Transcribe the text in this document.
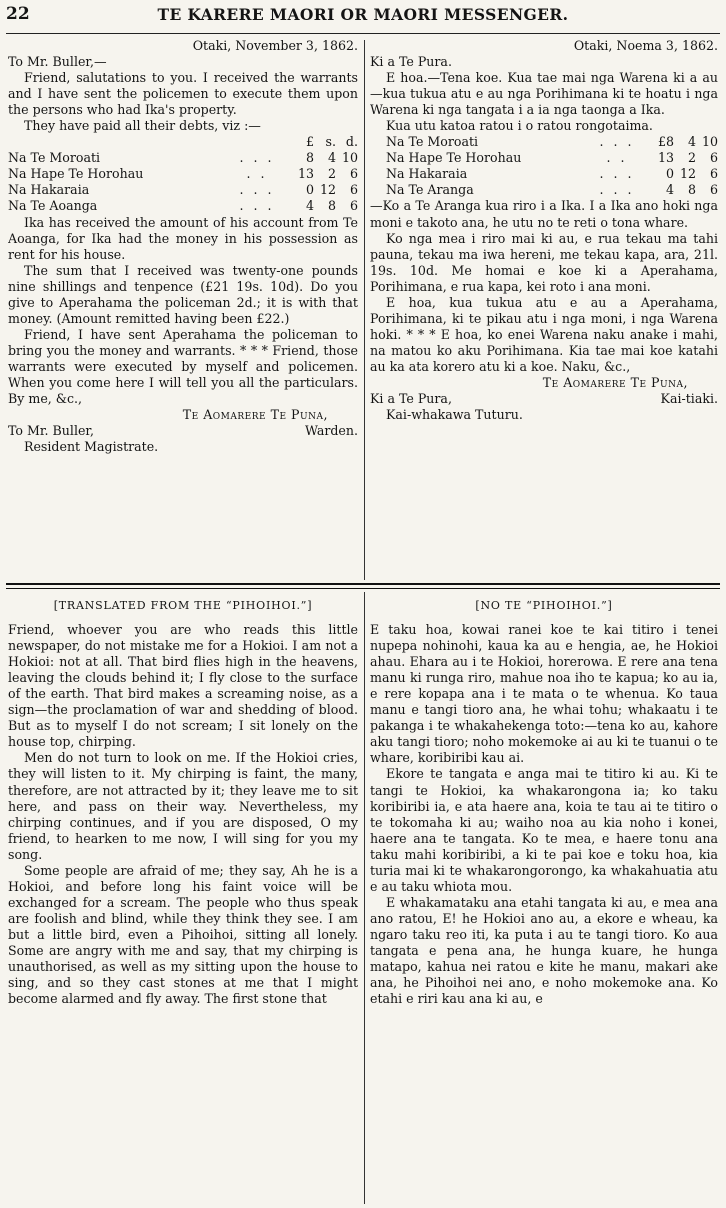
22	TE KARERE MAORI OR MAORI MESSENGER.

Otaki, November 3, 1862.

To Mr. Buller,—

Friend, salutations to you. I received the warrants and I have sent the policemen to execute them upon the persons who had Ika's property.

They have paid all their debts, viz :—

		£	s.	d.
Na Te Moroati	. . .	8	4	10
Na Hape Te Horohau	. .	13	2	6
Na Hakaraia	. . .	0	12	6
Na Te Aoanga	. . .	4	8	6

Ika has received the amount of his account from Te Aoanga, for Ika had the money in his possession as rent for his house.

The sum that I received was twenty-one pounds nine shillings and tenpence (£21 19s. 10d). Do you give to Aperahama the policeman 2d.; it is with that money. (Amount remitted having been £22.)

Friend, I have sent Aperahama the policeman to bring you the money and warrants. * * * Friend, those warrants were executed by myself and policemen. When you come here I will tell you all the particulars. By me, &c.,

Te Aomarere Te Puna,

To Mr. Buller,	Warden.

Resident Magistrate.

Otaki, Noema 3, 1862.

Ki a Te Pura.

E hoa.—Tena koe. Kua tae mai nga Warena ki a au—kua tukua atu e au nga Porihimana ki te hoatu i nga Warena ki nga tangata i a ia nga taonga a Ika.

Kua utu katoa ratou i o ratou rongotaima.

Na Te Moroati	. . .	£8	4	10
Na Hape Te Horohau	. .	13	2	6
Na Hakaraia	. . .	0	12	6
Na Te Aranga	. . .	4	8	6

—Ko a Te Aranga kua riro i a Ika. I a Ika ano hoki nga moni e takoto ana, he utu no te reti o tona whare.

Ko nga mea i riro mai ki au, e rua tekau ma tahi pauna, tekau ma iwa hereni, me tekau kapa, ara, 21l. 19s. 10d. Me homai e koe ki a Aperahama, Porihimana, e rua kapa, kei roto i ana moni.

E hoa, kua tukua atu e au a Aperahama, Porihimana, ki te pikau atu i nga moni, i nga Warena hoki. * * * E hoa, ko enei Warena naku anake i mahi, na matou ko aku Porihimana. Kia tae mai koe katahi au ka ata korero atu ki a koe. Naku, &c.,

Te Aomarere Te Puna,

Ki a Te Pura,	Kai-tiaki.

Kai-whakawa Tuturu.

[TRANSLATED FROM THE “PIHOIHOI.”]

Friend, whoever you are who reads this little newspaper, do not mistake me for a Hokioi. I am not a Hokioi: not at all. That bird flies high in the heavens, leaving the clouds behind it; I fly close to the surface of the earth. That bird makes a screaming noise, as a sign—the proclamation of war and shedding of blood. But as to myself I do not scream; I sit lonely on the house top, chirping.

Men do not turn to look on me. If the Hokioi cries, they will listen to it. My chirping is faint, the many, therefore, are not attracted by it; they leave me to sit here, and pass on their way. Nevertheless, my chirping continues, and if you are disposed, O my friend, to hearken to me now, I will sing for you my song.

Some people are afraid of me; they say, Ah he is a Hokioi, and before long his faint voice will be exchanged for a scream. The people who thus speak are foolish and blind, while they think they see. I am but a little bird, even a Pihoihoi, sitting all lonely. Some are angry with me and say, that my chirping is unauthorised, as well as my sitting upon the house to sing, and so they cast stones at me that I might become alarmed and fly away. The first stone that

[NO TE “PIHOIHOI.”]

E taku hoa, kowai ranei koe te kai titiro i tenei nupepa nohinohi, kaua ka au e hengia, ae, he Hokioi ahau. Ehara au i te Hokioi, horerowa. E rere ana tena manu ki runga riro, mahue noa iho te kapua; ko au ia, e rere kopapa ana i te mata o te whenua. Ko taua manu e tangi tioro ana, he whai tohu; whakaatu i te pakanga i te whakahekenga toto:—tena ko au, kahore aku tangi tioro; noho mokemoke ai au ki te tuanui o te whare, koribiribi kau ai.

Ekore te tangata e anga mai te titiro ki au. Ki te tangi te Hokioi, ka whakarongona ia; ko taku koribiribi ia, e ata haere ana, koia te tau ai te titiro o te tokomaha ki au; waiho noa au kia noho i konei, haere ana te tangata. Ko te mea, e haere tonu ana taku mahi koribiribi, a ki te pai koe e toku hoa, kia turia mai ki te whakarongorongo, ka whakahuatia atu e au taku whiota mou.

E whakamataku ana etahi tangata ki au, e mea ana ano ratou, E! he Hokioi ano au, a ekore e wheau, ka ngaro taku reo iti, ka puta i au te tangi tioro. Ko aua tangata e pena ana, he hunga kuare, he hunga matapo, kahua nei ratou e kite he manu, makari ake ana, he Pihoihoi nei ano, e noho mokemoke ana. Ko etahi e riri kau ana ki au, e
